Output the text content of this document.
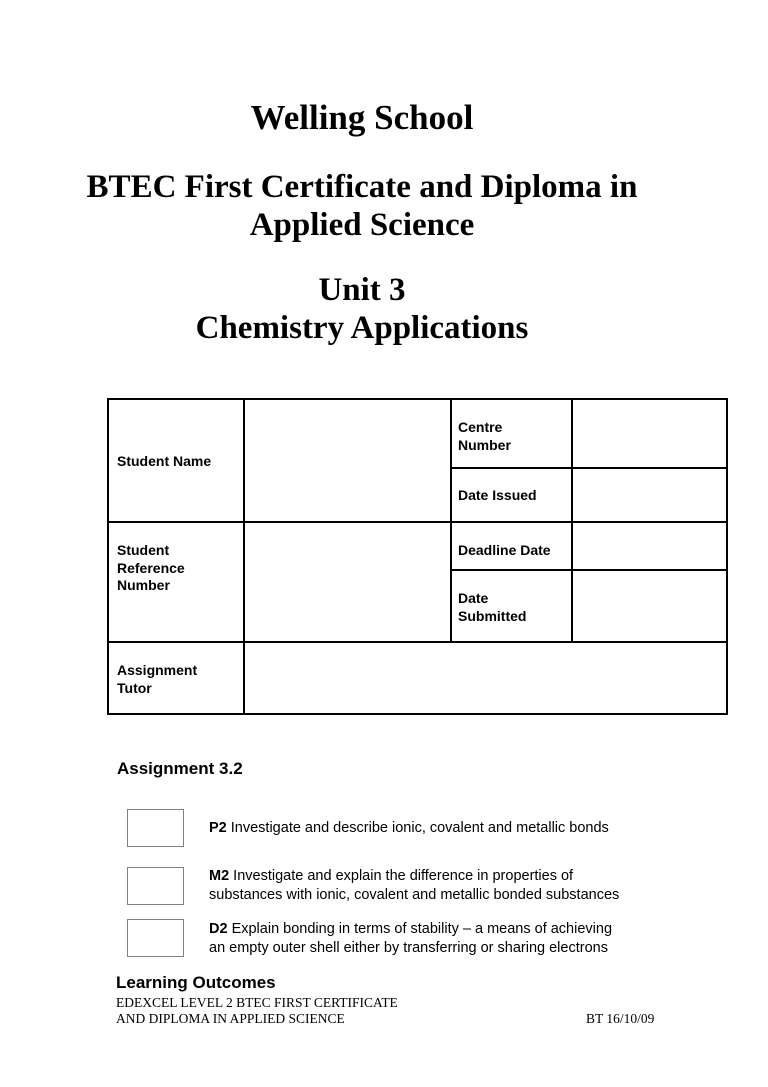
Welling School
BTEC First Certificate and Diploma in
Applied Science
Unit 3
Chemistry Applications
Student Name
Centre
Number
Date Issued
Student
Reference
Number
Deadline Date
Date
Submitted
Assignment
Tutor
Assignment 3.2
P2 Investigate and describe ionic, covalent and metallic bonds
M2 Investigate and explain the difference in properties of
substances with ionic, covalent and metallic bonded substances
D2 Explain bonding in terms of stability – a means of achieving
an empty outer shell either by transferring or sharing electrons
Learning Outcomes
EDEXCEL LEVEL 2 BTEC FIRST CERTIFICATE
AND DIPLOMA IN APPLIED SCIENCE	BT 16/10/09
